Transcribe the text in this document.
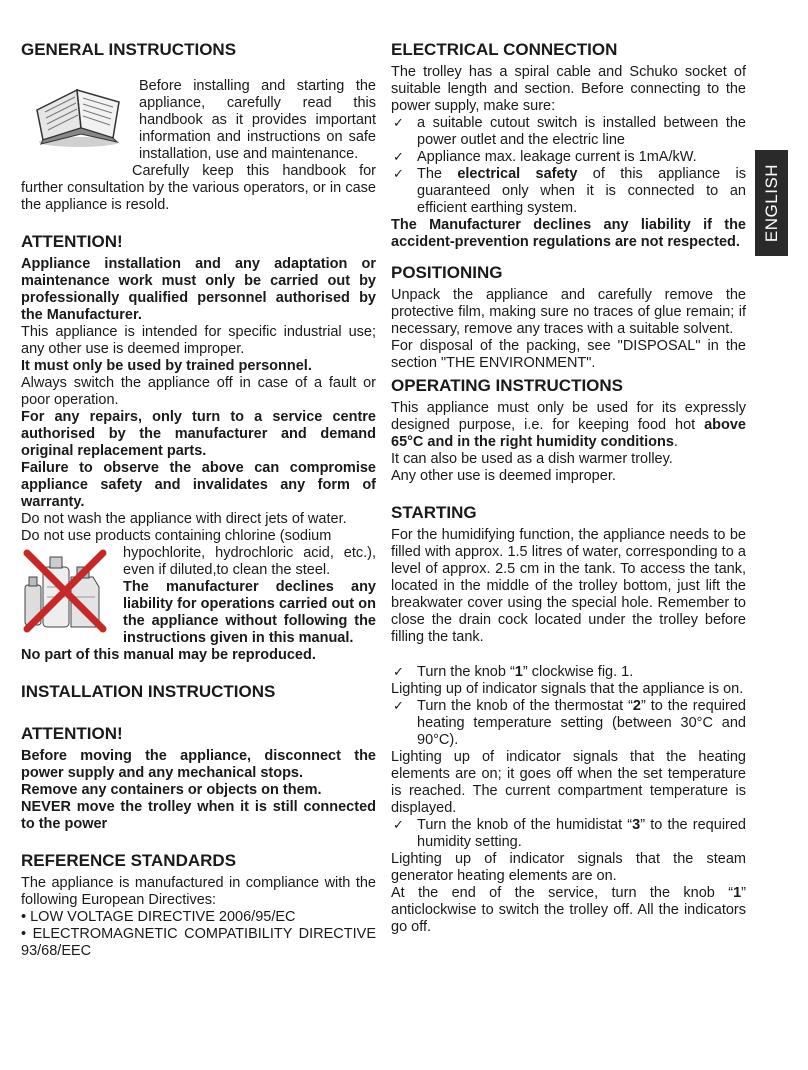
GENERAL INSTRUCTIONS

Before installing and starting the appliance, carefully read this handbook as it provides important information and instructions on safe installation, use and maintenance.

Carefully keep this handbook for further consultation by the various operators, or in case the appliance is resold.

ATTENTION!

Appliance installation and any adaptation or maintenance work must only be carried out by professionally qualified personnel authorised by the Manufacturer.

This appliance is intended for specific industrial use; any other use is deemed improper.

It must only be used by trained personnel.

Always switch the appliance off in case of a fault or poor operation.

For any repairs, only turn to a service centre authorised by the manufacturer and demand original replacement parts.

Failure to observe the above can compromise appliance safety and invalidates any form of warranty.

Do not wash the appliance with direct jets of water.

Do not use products containing chlorine (sodium

hypochlorite, hydrochloric acid, etc.), even if diluted,to clean the steel.

The manufacturer declines any liability for operations carried out on the appliance without following the instructions given in this manual.

No part of this manual may be reproduced.

INSTALLATION INSTRUCTIONS
ATTENTION!

Before moving the appliance, disconnect the power supply and any mechanical stops.

Remove any containers or objects on them.

NEVER move the trolley when it is still connected to the power

REFERENCE STANDARDS

The appliance is manufactured in compliance with the following European Directives:

• LOW VOLTAGE DIRECTIVE 2006/95/EC

• ELECTROMAGNETIC COMPATIBILITY DIRECTIVE 93/68/EEC

ELECTRICAL CONNECTION

The trolley has a spiral cable and Schuko socket of suitable length and section. Before connecting to the power supply, make sure:

✓ a suitable cutout switch is installed between the power outlet and the electric line

✓ Appliance max. leakage current is 1mA/kW.

✓ The electrical safety of this appliance is guaranteed only when it is connected to an efficient earthing system.

The Manufacturer declines any liability if the accident-prevention regulations are not respected.

POSITIONING

Unpack the appliance and carefully remove the protective film, making sure no traces of glue remain; if necessary, remove any traces with a suitable solvent.

For disposal of the packing, see "DISPOSAL" in the section "THE ENVIRONMENT".

OPERATING INSTRUCTIONS

This appliance must only be used for its expressly designed purpose, i.e. for keeping food hot above 65°C and in the right humidity conditions.

It can also be used as a dish warmer trolley.

Any other use is deemed improper.

STARTING

For the humidifying function, the appliance needs to be filled with approx. 1.5 litres of water, corresponding to a level of approx. 2.5 cm in the tank. To access the tank, located in the middle of the trolley bottom, just lift the breakwater cover using the special hole. Remember to close the drain cock located under the trolley before filling the tank.

✓ Turn the knob “1” clockwise fig. 1.

Lighting up of indicator signals that the appliance is on.

✓ Turn the knob of the thermostat “2” to the required heating temperature setting (between 30°C and 90°C).

Lighting up of indicator signals that the heating elements are on; it goes off when the set temperature is reached. The current compartment temperature is displayed.

✓ Turn the knob of the humidistat “3” to the required humidity setting.

Lighting up of indicator signals that the steam generator heating elements are on.

At the end of the service, turn the knob “1” anticlockwise to switch the trolley off. All the indicators go off.

ENGLISH
